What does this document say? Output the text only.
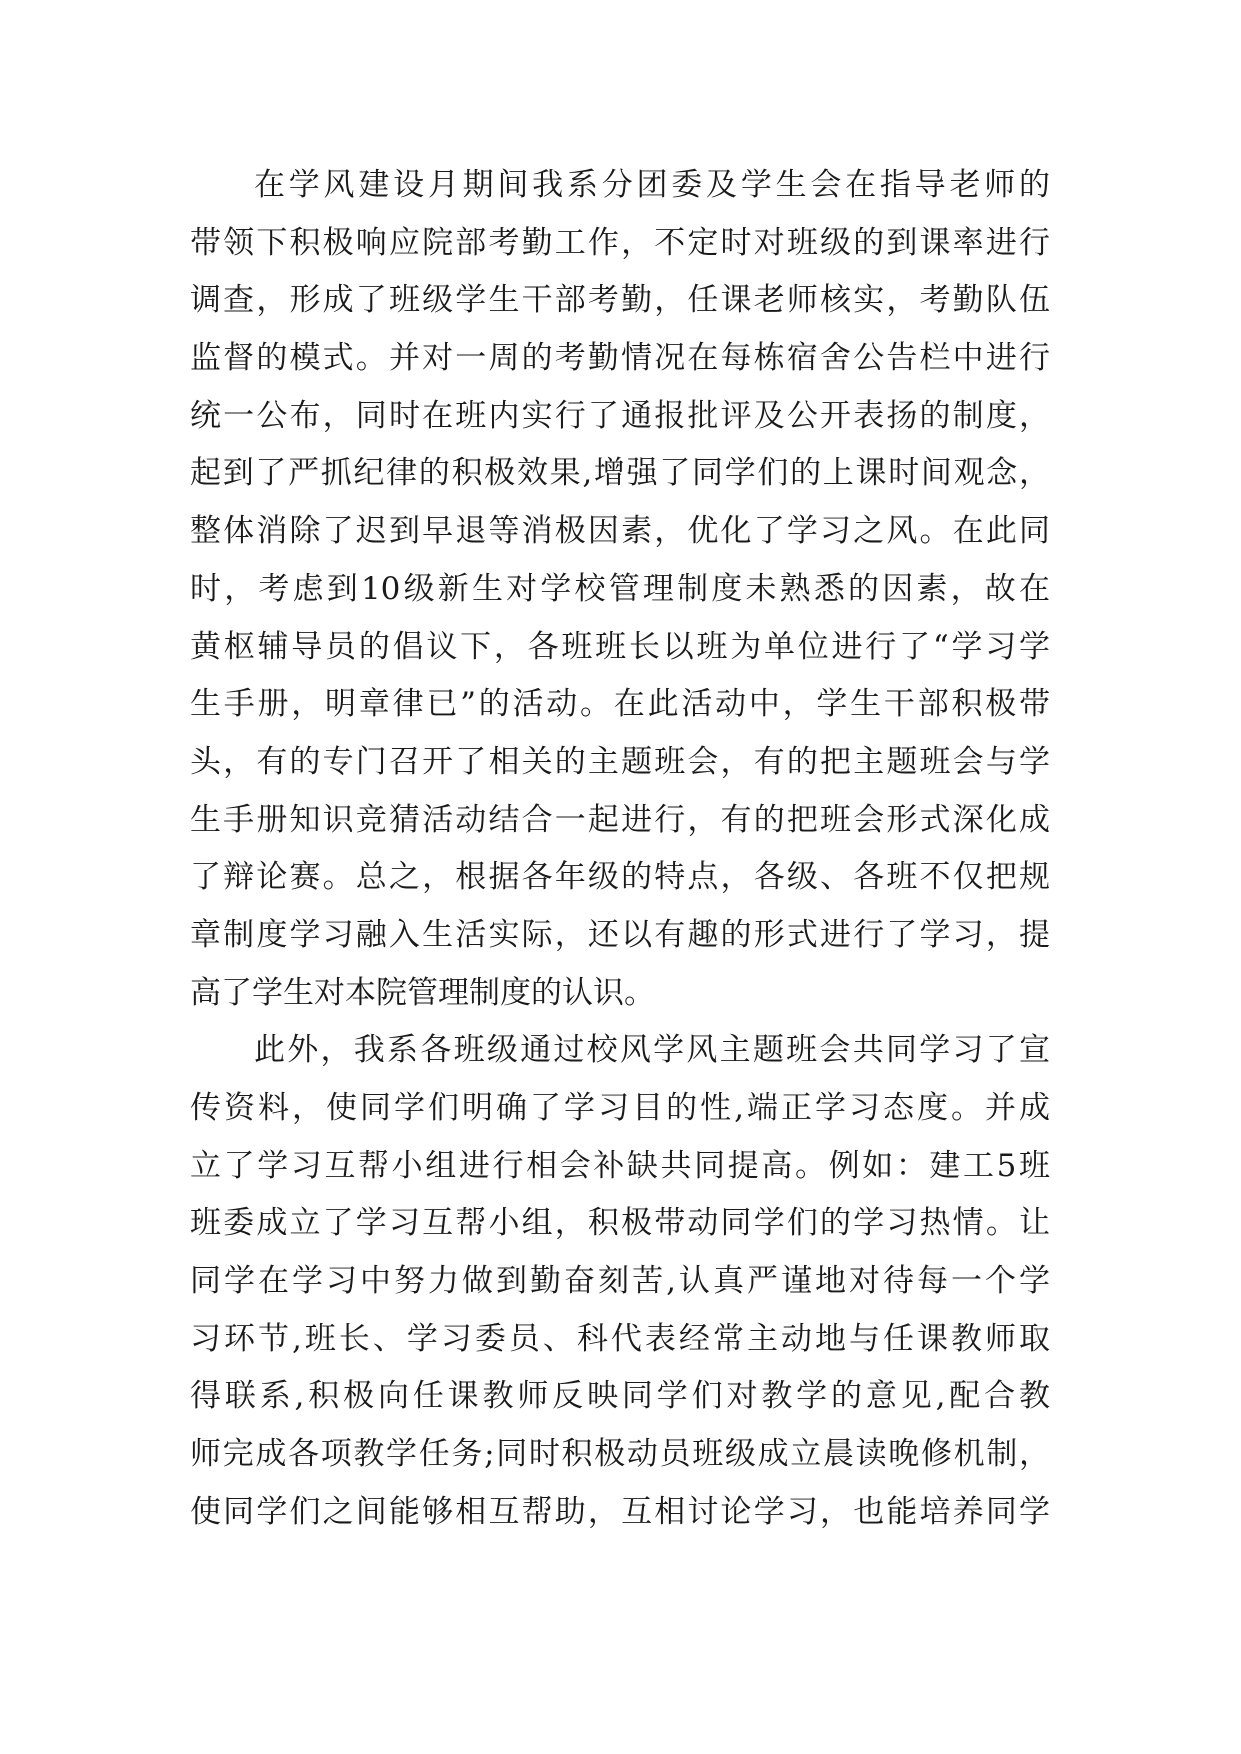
在学风建设月期间我系分团委及学生会在指导老师的
带领下积极响应院部考勤工作，不定时对班级的到课率进行
调查，形成了班级学生干部考勤，任课老师核实，考勤队伍
监督的模式。并对一周的考勤情况在每栋宿舍公告栏中进行
统一公布，同时在班内实行了通报批评及公开表扬的制度，
起到了严抓纪律的积极效果,增强了同学们的上课时间观念，
整体消除了迟到早退等消极因素，优化了学习之风。在此同
时，考虑到10级新生对学校管理制度未熟悉的因素，故在
黄枢辅导员的倡议下，各班班长以班为单位进行了“学习学
生手册，明章律已”的活动。在此活动中，学生干部积极带
头，有的专门召开了相关的主题班会，有的把主题班会与学
生手册知识竞猜活动结合一起进行，有的把班会形式深化成
了辩论赛。总之，根据各年级的特点，各级、各班不仅把规
章制度学习融入生活实际，还以有趣的形式进行了学习，提
高了学生对本院管理制度的认识。
此外，我系各班级通过校风学风主题班会共同学习了宣
传资料，使同学们明确了学习目的性,端正学习态度。并成
立了学习互帮小组进行相会补缺共同提高。例如：建工5班
班委成立了学习互帮小组，积极带动同学们的学习热情。让
同学在学习中努力做到勤奋刻苦,认真严谨地对待每一个学
习环节,班长、学习委员、科代表经常主动地与任课教师取
得联系,积极向任课教师反映同学们对教学的意见,配合教
师完成各项教学任务;同时积极动员班级成立晨读晚修机制，
使同学们之间能够相互帮助，互相讨论学习，也能培养同学
